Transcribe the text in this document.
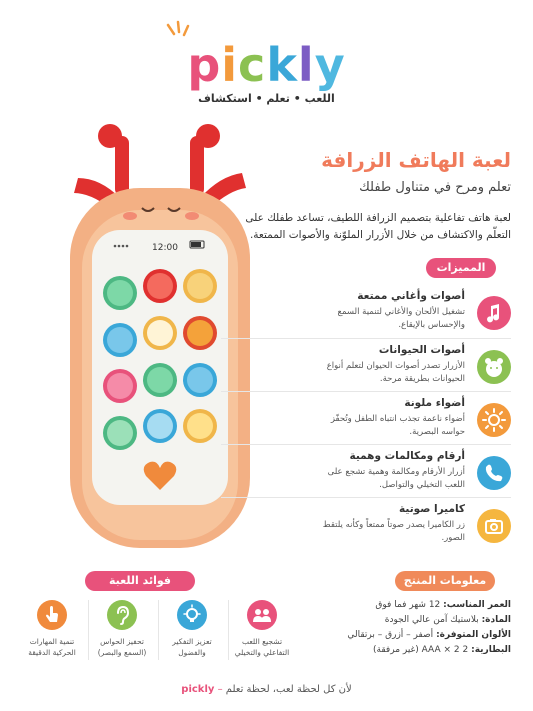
pickly
اللعب • تعلم • استكشاف
12:00
لعبة الهاتف الزرافة
تعلم ومرح في متناول طفلك
لعبة هاتف تفاعلية بتصميم الزرافة اللطيف، تساعد طفلك على التعلّم والاكتشاف من خلال الأزرار الملوّنة والأصوات الممتعة.
المميزات
أصوات وأغاني ممتعة
تشغيل الألحان والأغاني لتنمية السمع والإحساس بالإيقاع.
أصوات الحيوانات
الأزرار تصدر أصوات الحيوان لتعلم أنواع الحيوانات بطريقة مرحة.
أضواء ملونة
أضواء ناعمة تجذب انتباه الطفل وتُحفّز حواسه البصرية.
أرقام ومكالمات وهمية
أزرار الأرقام ومكالمة وهمية تشجع على اللعب التخيلي والتواصل.
كاميرا صوتية
زر الكاميرا يصدر صوتاً ممتعاً وكأنه يلتقط الصور.
فوائد اللعبة
تنمية المهارات الحركية الدقيقة
تحفيز الحواس (السمع والبصر)
تعزيز التفكير والفضول
تشجيع اللعب التفاعلي والتخيلي
معلومات المنتج
العمر المناسب: 12 شهر فما فوق
المادة: بلاستيك آمن عالي الجودة
الألوان المتوفرة: أصفر – أزرق – برتقالي
البطارية: 2 AAA × 2 (غير مرفقة)
pickly – لأن كل لحظة لعب، لحظة تعلم
